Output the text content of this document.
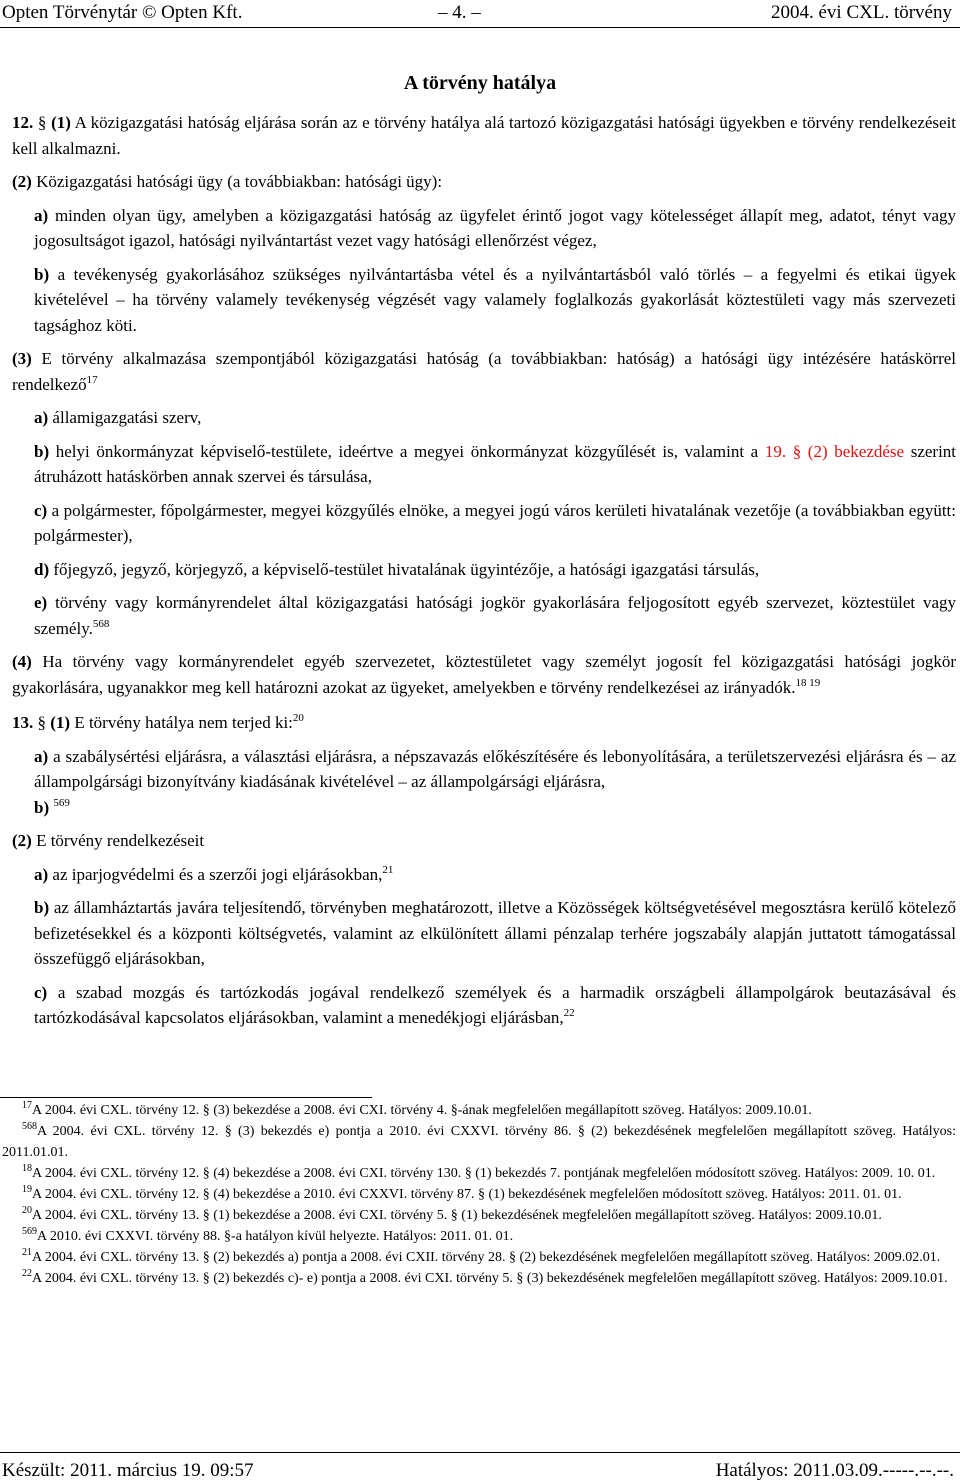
Opten Törvénytár © Opten Kft.	– 4. –	2004. évi CXL. törvény
A törvény hatálya

12. § (1) A közigazgatási hatóság eljárása során az e törvény hatálya alá tartozó közigazgatási hatósági ügyekben e törvény rendelkezéseit kell alkalmazni.

(2) Közigazgatási hatósági ügy (a továbbiakban: hatósági ügy):

a) minden olyan ügy, amelyben a közigazgatási hatóság az ügyfelet érintő jogot vagy kötelességet állapít meg, adatot, tényt vagy jogosultságot igazol, hatósági nyilvántartást vezet vagy hatósági ellenőrzést végez,

b) a tevékenység gyakorlásához szükséges nyilvántartásba vétel és a nyilvántartásból való törlés – a fegyelmi és etikai ügyek kivételével – ha törvény valamely tevékenység végzését vagy valamely foglalkozás gyakorlását köztestületi vagy más szervezeti tagsághoz köti.

(3) E törvény alkalmazása szempontjából közigazgatási hatóság (a továbbiakban: hatóság) a hatósági ügy intézésére hatáskörrel rendelkező$^{17}$

a) államigazgatási szerv,

b) helyi önkormányzat képviselő-testülete, ideértve a megyei önkormányzat közgyűlését is, valamint a 19. § (2) bekezdése szerint átruházott hatáskörben annak szervei és társulása,

c) a polgármester, főpolgármester, megyei közgyűlés elnöke, a megyei jogú város kerületi hivatalának vezetője (a továbbiakban együtt: polgármester),

d) főjegyző, jegyző, körjegyző, a képviselő-testület hivatalának ügyintézője, a hatósági igazgatási társulás,

e) törvény vagy kormányrendelet által közigazgatási hatósági jogkör gyakorlására feljogosított egyéb szervezet, köztestület vagy személy.$^{568}$

(4) Ha törvény vagy kormányrendelet egyéb szervezetet, köztestületet vagy személyt jogosít fel közigazgatási hatósági jogkör gyakorlására, ugyanakkor meg kell határozni azokat az ügyeket, amelyekben e törvény rendelkezései az irányadók.$^{18 19}$

13. § (1) E törvény hatálya nem terjed ki:$^{20}$

a) a szabálysértési eljárásra, a választási eljárásra, a népszavazás előkészítésére és lebonyolítására, a területszervezési eljárásra és – az állampolgársági bizonyítvány kiadásának kivételével – az állampolgársági eljárásra,

b) $^{569}$

(2) E törvény rendelkezéseit

a) az iparjogvédelmi és a szerzői jogi eljárásokban,$^{21}$

b) az államháztartás javára teljesítendő, törvényben meghatározott, illetve a Közösségek költségvetésével megosztásra kerülő kötelező befizetésekkel és a központi költségvetés, valamint az elkülönített állami pénzalap terhére jogszabály alapján juttatott támogatással összefüggő eljárásokban,

c) a szabad mozgás és tartózkodás jogával rendelkező személyek és a harmadik országbeli állampolgárok beutazásával és tartózkodásával kapcsolatos eljárásokban, valamint a menedékjogi eljárásban,$^{22}$

$^{17}$A 2004. évi CXL. törvény 12. § (3) bekezdése a 2008. évi CXI. törvény 4. §-ának megfelelően megállapított szöveg. Hatályos: 2009.10.01.

$^{568}$A 2004. évi CXL. törvény 12. § (3) bekezdés e) pontja a 2010. évi CXXVI. törvény 86. § (2) bekezdésének megfelelően megállapított szöveg. Hatályos: 2011.01.01.

$^{18}$A 2004. évi CXL. törvény 12. § (4) bekezdése a 2008. évi CXI. törvény 130. § (1) bekezdés 7. pontjának megfelelően módosított szöveg. Hatályos: 2009. 10. 01.

$^{19}$A 2004. évi CXL. törvény 12. § (4) bekezdése a 2010. évi CXXVI. törvény 87. § (1) bekezdésének megfelelően módosított szöveg. Hatályos: 2011. 01. 01.

$^{20}$A 2004. évi CXL. törvény 13. § (1) bekezdése a 2008. évi CXI. törvény 5. § (1) bekezdésének megfelelően megállapított szöveg. Hatályos: 2009.10.01.

$^{569}$A 2010. évi CXXVI. törvény 88. §-a hatályon kívül helyezte. Hatályos: 2011. 01. 01.

$^{21}$A 2004. évi CXL. törvény 13. § (2) bekezdés a) pontja a 2008. évi CXII. törvény 28. § (2) bekezdésének megfelelően megállapított szöveg. Hatályos: 2009.02.01.

$^{22}$A 2004. évi CXL. törvény 13. § (2) bekezdés c)- e) pontja a 2008. évi CXI. törvény 5. § (3) bekezdésének megfelelően megállapított szöveg. Hatályos: 2009.10.01.

Készült: 2011. március 19. 09:57	Hatályos: 2011.03.09.-----.--.--.
